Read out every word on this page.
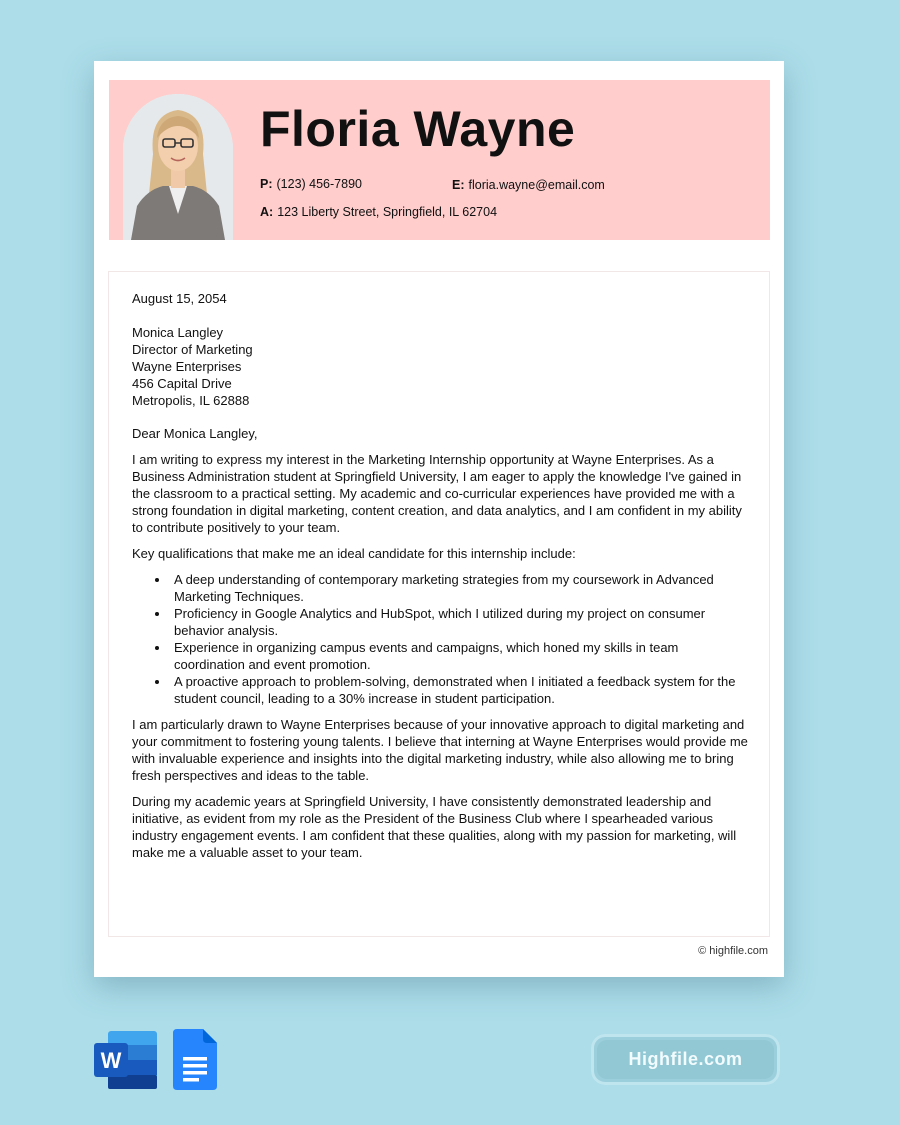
Floria Wayne
P: (123) 456-7890	E: floria.wayne@email.com
A: 123 Liberty Street, Springfield, IL 62704

August 15, 2054

Monica Langley
Director of Marketing
Wayne Enterprises
456 Capital Drive
Metropolis, IL 62888

Dear Monica Langley,

I am writing to express my interest in the Marketing Internship opportunity at Wayne Enterprises. As a Business Administration student at Springfield University, I am eager to apply the knowledge I've gained in the classroom to a practical setting. My academic and co-curricular experiences have provided me with a strong foundation in digital marketing, content creation, and data analytics, and I am confident in my ability to contribute positively to your team.

Key qualifications that make me an ideal candidate for this internship include:

A deep understanding of contemporary marketing strategies from my coursework in Advanced Marketing Techniques.
Proficiency in Google Analytics and HubSpot, which I utilized during my project on consumer behavior analysis.
Experience in organizing campus events and campaigns, which honed my skills in team coordination and event promotion.
A proactive approach to problem-solving, demonstrated when I initiated a feedback system for the student council, leading to a 30% increase in student participation.

I am particularly drawn to Wayne Enterprises because of your innovative approach to digital marketing and your commitment to fostering young talents. I believe that interning at Wayne Enterprises would provide me with invaluable experience and insights into the digital marketing industry, while also allowing me to bring fresh perspectives and ideas to the table.

During my academic years at Springfield University, I have consistently demonstrated leadership and initiative, as evident from my role as the President of the Business Club where I spearheaded various industry engagement events. I am confident that these qualities, along with my passion for marketing, will make me a valuable asset to your team.

© highfile.com
W	Highfile.com
